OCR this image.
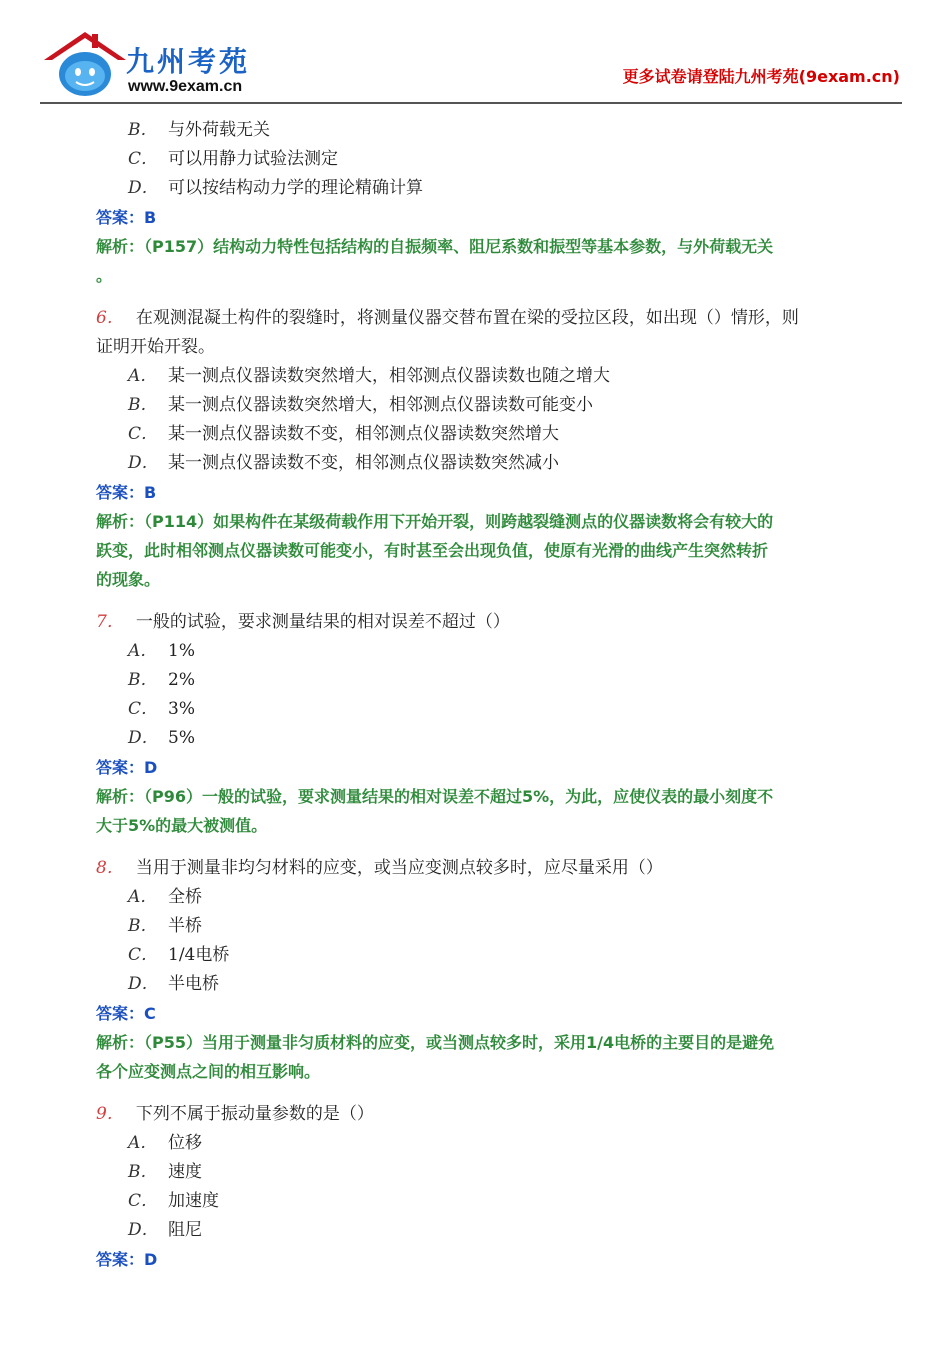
九州考苑
www.9exam.cn
更多试卷请登陆九州考苑(9exam.cn)
B． 与外荷载无关
C． 可以用静力试验法测定
D． 可以按结构动力学的理论精确计算
答案：B
解析：（P157）结构动力特性包括结构的自振频率、阻尼系数和振型等基本参数，与外荷载无关
。
6． 在观测混凝土构件的裂缝时，将测量仪器交替布置在梁的受拉区段，如出现（）情形，则
证明开始开裂。
A． 某一测点仪器读数突然增大，相邻测点仪器读数也随之增大
B． 某一测点仪器读数突然增大，相邻测点仪器读数可能变小
C． 某一测点仪器读数不变，相邻测点仪器读数突然增大
D． 某一测点仪器读数不变，相邻测点仪器读数突然减小
答案：B
解析：（P114）如果构件在某级荷载作用下开始开裂，则跨越裂缝测点的仪器读数将会有较大的
跃变，此时相邻测点仪器读数可能变小，有时甚至会出现负值，使原有光滑的曲线产生突然转折
的现象。
7． 一般的试验，要求测量结果的相对误差不超过（）
A． 1%
B． 2%
C． 3%
D． 5%
答案：D
解析：（P96）一般的试验，要求测量结果的相对误差不超过5%，为此，应使仪表的最小刻度不
大于5%的最大被测值。
8． 当用于测量非均匀材料的应变，或当应变测点较多时，应尽量采用（）
A． 全桥
B． 半桥
C． 1/4电桥
D． 半电桥
答案：C
解析：（P55）当用于测量非匀质材料的应变，或当测点较多时，采用1/4电桥的主要目的是避免
各个应变测点之间的相互影响。
9． 下列不属于振动量参数的是（）
A． 位移
B． 速度
C． 加速度
D． 阻尼
答案：D
